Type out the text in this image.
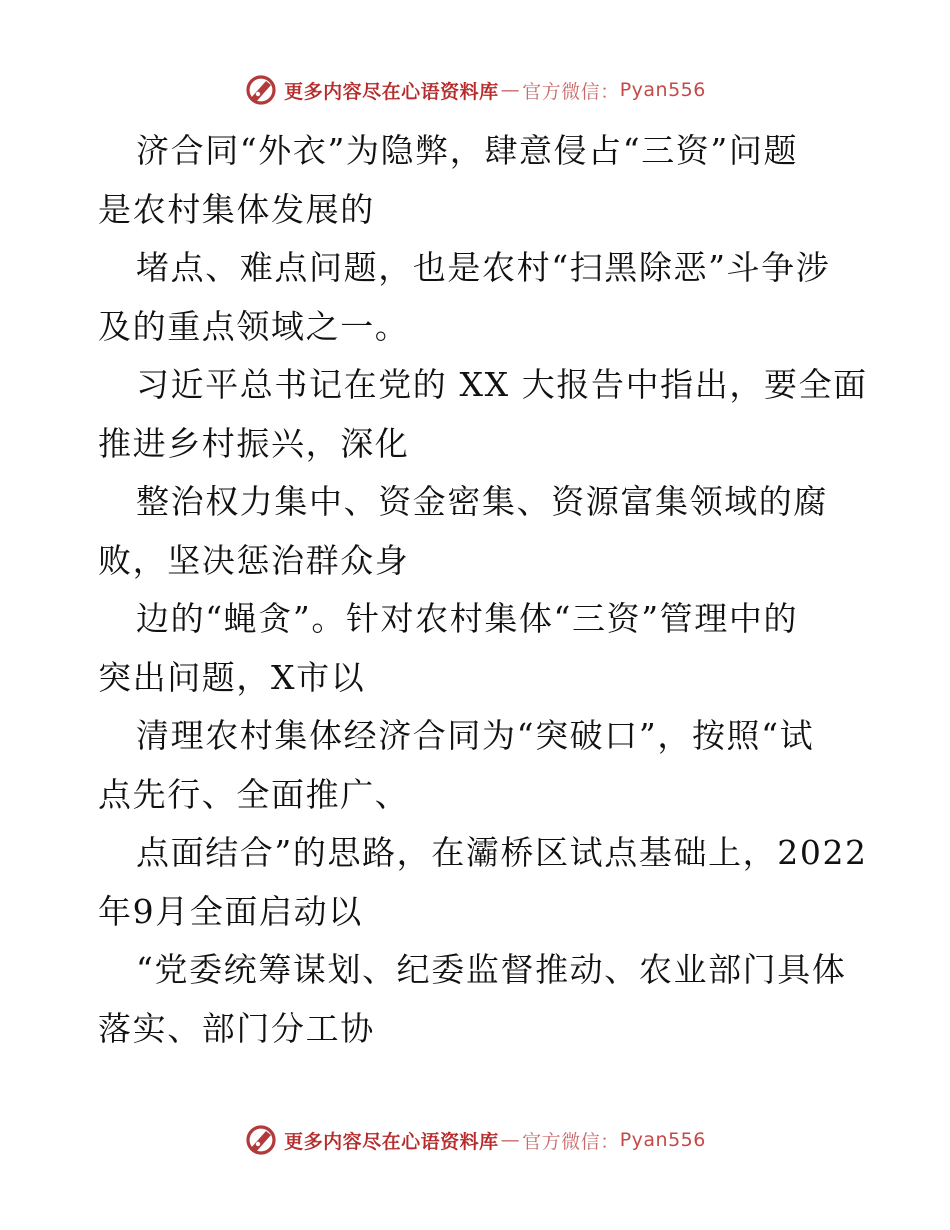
更多内容尽在心语资料库 — 官方微信： Pyan556
济合同“外衣”为隐弊，肆意侵占“三资”问题
是农村集体发展的
堵点、难点问题，也是农村“扫黑除恶”斗争涉
及的重点领域之一。
习近平总书记在党的 XX 大报告中指出，要全面
推进乡村振兴，深化
整治权力集中、资金密集、资源富集领域的腐
败，坚决惩治群众身
边的“蝇贪”。针对农村集体“三资”管理中的
突出问题，X市以
清理农村集体经济合同为“突破口”，按照“试
点先行、全面推广、
点面结合”的思路，在灞桥区试点基础上，2022
年9月全面启动以
“党委统筹谋划、纪委监督推动、农业部门具体
落实、部门分工协
更多内容尽在心语资料库 — 官方微信： Pyan556
